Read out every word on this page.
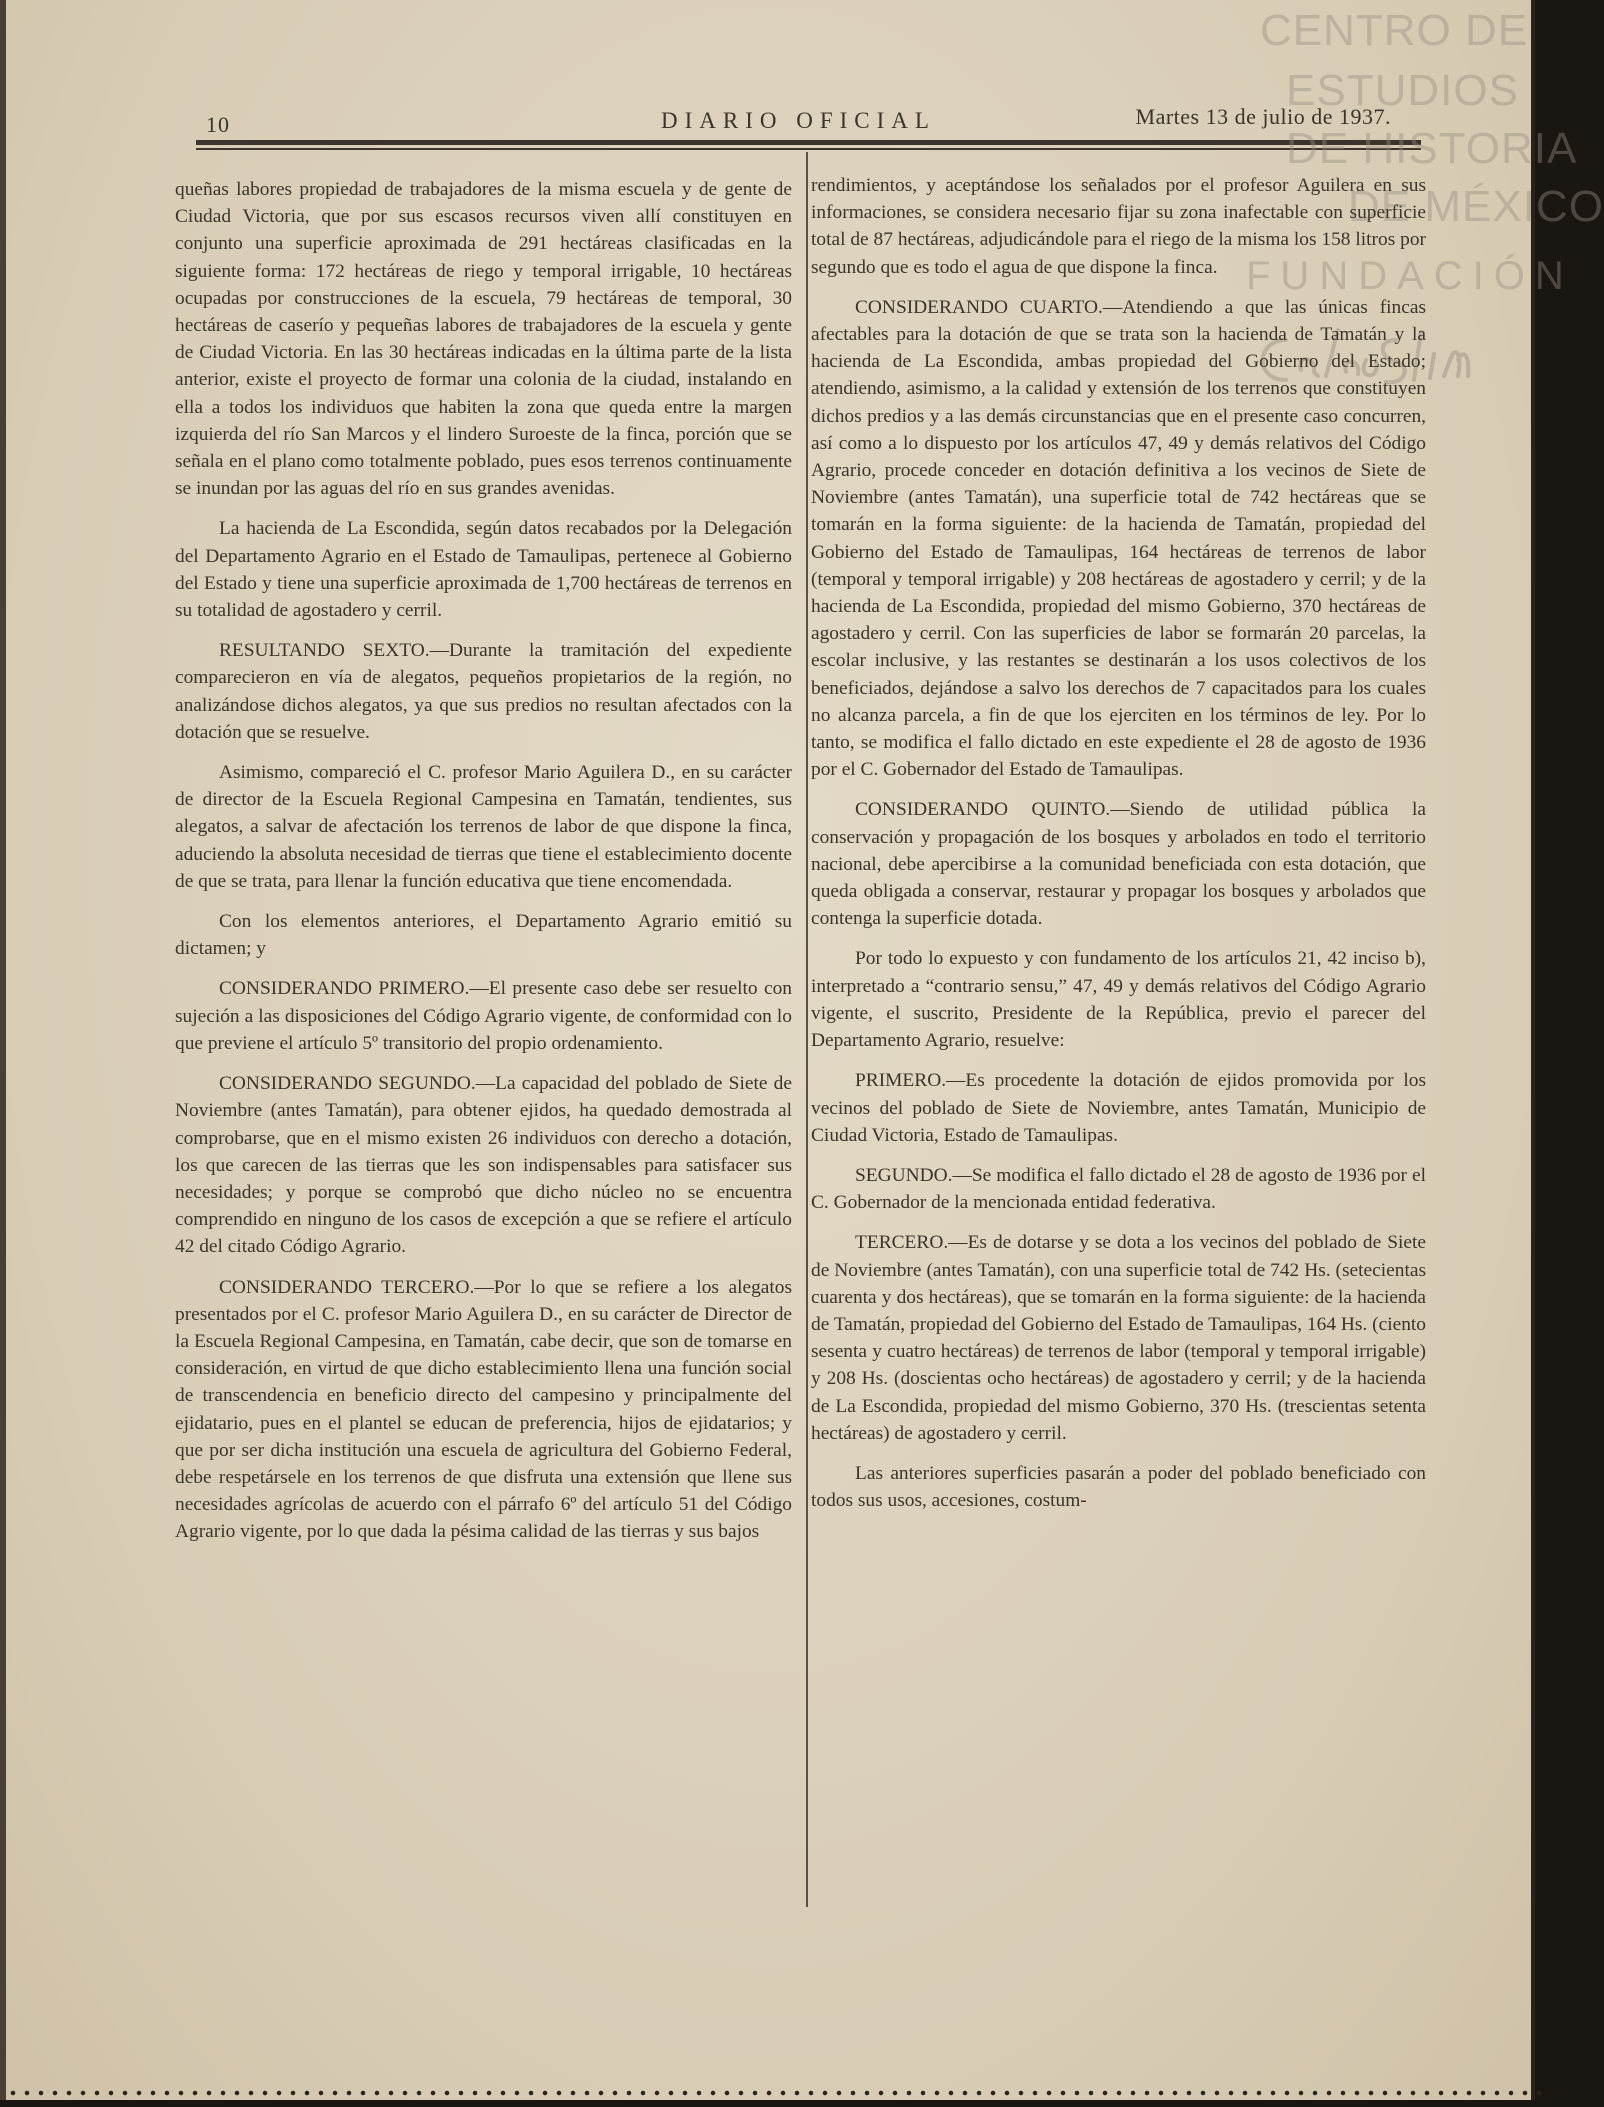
10	DIARIO OFICIAL	Martes 13 de julio de 1937.
CENTRO DE
ESTUDIOS
DE HISTORIA
DE MÉXICO
FUNDACIÓN

queñas labores propiedad de trabajadores de la misma escuela y de gente de Ciudad Victoria, que por sus escasos recursos viven allí constituyen en conjunto una superficie aproximada de 291 hectáreas clasificadas en la siguiente forma: 172 hectáreas de riego y temporal irrigable, 10 hectáreas ocupadas por construcciones de la escuela, 79 hectáreas de temporal, 30 hectáreas de caserío y pequeñas labores de trabajadores de la escuela y gente de Ciudad Victoria. En las 30 hectáreas indicadas en la última parte de la lista anterior, existe el proyecto de formar una colonia de la ciudad, instalando en ella a todos los individuos que habiten la zona que queda entre la margen izquierda del río San Marcos y el lindero Suroeste de la finca, porción que se señala en el plano como totalmente poblado, pues esos terrenos continuamente se inundan por las aguas del río en sus grandes avenidas.

La hacienda de La Escondida, según datos recabados por la Delegación del Departamento Agrario en el Estado de Tamaulipas, pertenece al Gobierno del Estado y tiene una superficie aproximada de 1,700 hectáreas de terrenos en su totalidad de agostadero y cerril.

RESULTANDO SEXTO.—Durante la tramitación del expediente comparecieron en vía de alegatos, pequeños propietarios de la región, no analizándose dichos alegatos, ya que sus predios no resultan afectados con la dotación que se resuelve.

Asimismo, compareció el C. profesor Mario Aguilera D., en su carácter de director de la Escuela Regional Campesina en Tamatán, tendientes, sus alegatos, a salvar de afectación los terrenos de labor de que dispone la finca, aduciendo la absoluta necesidad de tierras que tiene el establecimiento docente de que se trata, para llenar la función educativa que tiene encomendada.

Con los elementos anteriores, el Departamento Agrario emitió su dictamen; y

CONSIDERANDO PRIMERO.—El presente caso debe ser resuelto con sujeción a las disposiciones del Código Agrario vigente, de conformidad con lo que previene el artículo 5º transitorio del propio ordenamiento.

CONSIDERANDO SEGUNDO.—La capacidad del poblado de Siete de Noviembre (antes Tamatán), para obtener ejidos, ha quedado demostrada al comprobarse, que en el mismo existen 26 individuos con derecho a dotación, los que carecen de las tierras que les son indispensables para satisfacer sus necesidades; y porque se comprobó que dicho núcleo no se encuentra comprendido en ninguno de los casos de excepción a que se refiere el artículo 42 del citado Código Agrario.

CONSIDERANDO TERCERO.—Por lo que se refiere a los alegatos presentados por el C. profesor Mario Aguilera D., en su carácter de Director de la Escuela Regional Campesina, en Tamatán, cabe decir, que son de tomarse en consideración, en virtud de que dicho establecimiento llena una función social de transcendencia en beneficio directo del campesino y principalmente del ejidatario, pues en el plantel se educan de preferencia, hijos de ejidatarios; y que por ser dicha institución una escuela de agricultura del Gobierno Federal, debe respetársele en los terrenos de que disfruta una extensión que llene sus necesidades agrícolas de acuerdo con el párrafo 6º del artículo 51 del Código Agrario vigente, por lo que dada la pésima calidad de las tierras y sus bajos

rendimientos, y aceptándose los señalados por el profesor Aguilera en sus informaciones, se considera necesario fijar su zona inafectable con superficie total de 87 hectáreas, adjudicándole para el riego de la misma los 158 litros por segundo que es todo el agua de que dispone la finca.

CONSIDERANDO CUARTO.—Atendiendo a que las únicas fincas afectables para la dotación de que se trata son la hacienda de Tamatán y la hacienda de La Escondida, ambas propiedad del Gobierno del Estado; atendiendo, asimismo, a la calidad y extensión de los terrenos que constituyen dichos predios y a las demás circunstancias que en el presente caso concurren, así como a lo dispuesto por los artículos 47, 49 y demás relativos del Código Agrario, procede conceder en dotación definitiva a los vecinos de Siete de Noviembre (antes Tamatán), una superficie total de 742 hectáreas que se tomarán en la forma siguiente: de la hacienda de Tamatán, propiedad del Gobierno del Estado de Tamaulipas, 164 hectáreas de terrenos de labor (temporal y temporal irrigable) y 208 hectáreas de agostadero y cerril; y de la hacienda de La Escondida, propiedad del mismo Gobierno, 370 hectáreas de agostadero y cerril. Con las superficies de labor se formarán 20 parcelas, la escolar inclusive, y las restantes se destinarán a los usos colectivos de los beneficiados, dejándose a salvo los derechos de 7 capacitados para los cuales no alcanza parcela, a fin de que los ejerciten en los términos de ley. Por lo tanto, se modifica el fallo dictado en este expediente el 28 de agosto de 1936 por el C. Gobernador del Estado de Tamaulipas.

CONSIDERANDO QUINTO.—Siendo de utilidad pública la conservación y propagación de los bosques y arbolados en todo el territorio nacional, debe apercibirse a la comunidad beneficiada con esta dotación, que queda obligada a conservar, restaurar y propagar los bosques y arbolados que contenga la superficie dotada.

Por todo lo expuesto y con fundamento de los artículos 21, 42 inciso b), interpretado a “contrario sensu,” 47, 49 y demás relativos del Código Agrario vigente, el suscrito, Presidente de la República, previo el parecer del Departamento Agrario, resuelve:

PRIMERO.—Es procedente la dotación de ejidos promovida por los vecinos del poblado de Siete de Noviembre, antes Tamatán, Municipio de Ciudad Victoria, Estado de Tamaulipas.

SEGUNDO.—Se modifica el fallo dictado el 28 de agosto de 1936 por el C. Gobernador de la mencionada entidad federativa.

TERCERO.—Es de dotarse y se dota a los vecinos del poblado de Siete de Noviembre (antes Tamatán), con una superficie total de 742 Hs. (setecientas cuarenta y dos hectáreas), que se tomarán en la forma siguiente: de la hacienda de Tamatán, propiedad del Gobierno del Estado de Tamaulipas, 164 Hs. (ciento sesenta y cuatro hectáreas) de terrenos de labor (temporal y temporal irrigable) y 208 Hs. (doscientas ocho hectáreas) de agostadero y cerril; y de la hacienda de La Escondida, propiedad del mismo Gobierno, 370 Hs. (trescientas setenta hectáreas) de agostadero y cerril.

Las anteriores superficies pasarán a poder del poblado beneficiado con todos sus usos, accesiones, costum-
